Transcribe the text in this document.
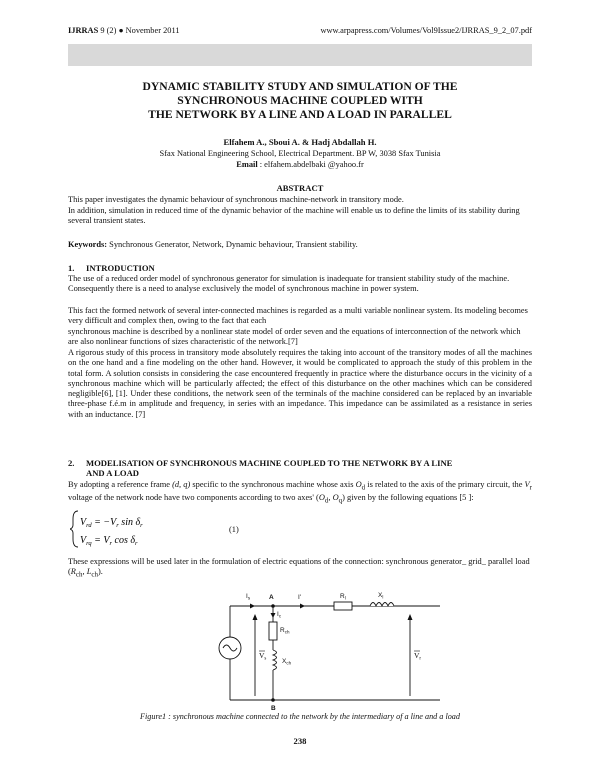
IJRRAS 9 (2) ● November 2011	www.arpapress.com/Volumes/Vol9Issue2/IJRRAS_9_2_07.pdf
DYNAMIC STABILITY STUDY AND SIMULATION OF THE
SYNCHRONOUS MACHINE COUPLED WITH
THE NETWORK BY A LINE AND A LOAD IN PARALLEL
Elfahem A., Sboui A. & Hadj Abdallah H.
Sfax National Engineering School, Electrical Department. BP W, 3038 Sfax Tunisia
Email : elfahem.abdelbaki @yahoo.fr
ABSTRACT

This paper investigates the dynamic behaviour of synchronous machine-network in transitory mode.

In addition, simulation in reduced time of the dynamic behavior of the machine will enable us to define the limits of its stability during several transient states.

Keywords: Synchronous Generator, Network, Dynamic behaviour, Transient stability.

1. INTRODUCTION

The use of a reduced order model of synchronous generator for simulation is inadequate for transient stability study of the machine. Consequently there is a need to analyse exclusively the model of synchronous machine in power system.

This fact the formed network of several inter-connected machines is regarded as a multi variable nonlinear system. Its modeling becomes very difficult and complex then, owing to the fact that each

synchronous machine is described by a nonlinear state model of order seven and the equations of interconnection of the network which are also nonlinear functions of sizes characteristic of the network.[7]

A rigorous study of this process in transitory mode absolutely requires the taking into account of the transitory modes of all the machines on the one hand and a fine modeling on the other hand. However, it would be complicated to approach the study of this problem in the total form. A solution consists in considering the case encountered frequently in practice where the disturbance occurs in the vicinity of a synchronous machine which will be particularly affected; the effect of this disturbance on the other machines which can be considered negligible[6], [1]. Under these conditions, the network seen of the terminals of the machine considered can be replaced by an invariable three-phase f.é.m in amplitude and frequency, in series with an impedance. This impedance can be assimilated as a resistance in series with an inductance. [7]

2. MODELISATION OF SYNCHRONOUS MACHINE COUPLED TO THE NETWORK BY A LINE
AND A LOAD

By adopting a reference frame (d, q) specific to the synchronous machine whose axis $O_d$ is related to the axis of the primary circuit, the $V_r$ voltage of the network node have two components according to two axes' ($O_d$, $O_q$) given by the following equations [5 ]:

$V_{rd} = -V_r$ $\sin \delta_r$
$V_{rq} = V_r$ $\cos \delta_r$
(1)

These expressions will be used later in the formulation of electric equations of the connection: synchronous generator_ grid_ parallel load ($R_{ch}$, $L_{ch}$).

$I_s$	A	I'	$R_l$	$X_l$
$I_c$
$R_{ch}$
$X_{ch}$
$V_s$	$V_r$
B
Figure1 : synchronous machine connected to the network by the intermediary of a line and a load
238
